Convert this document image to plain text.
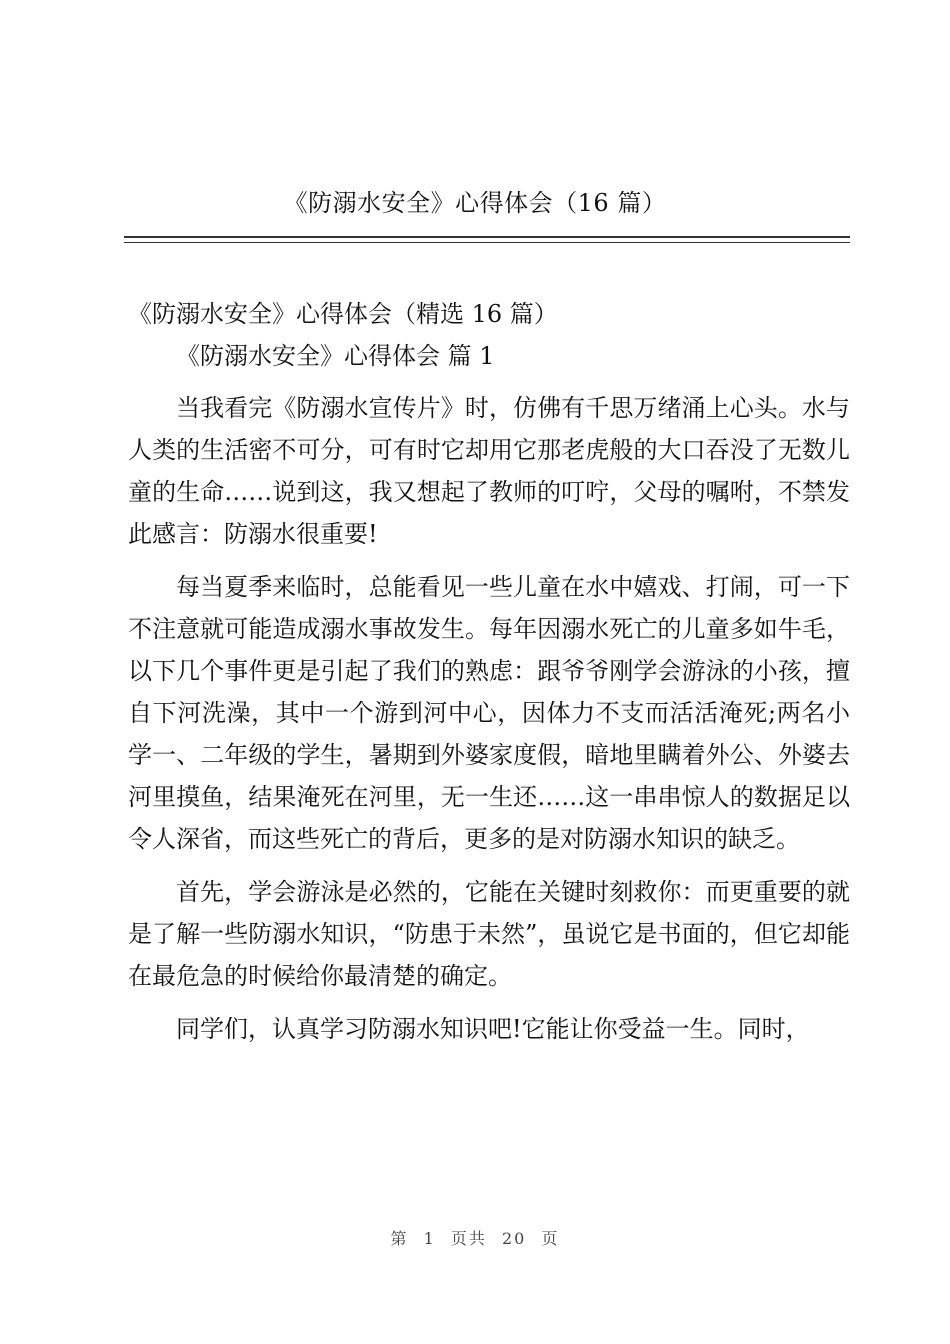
《防溺水安全》心得体会（16 篇）

《防溺水安全》心得体会（精选 16 篇）

《防溺水安全》心得体会 篇 1

当我看完《防溺水宣传片》时，仿佛有千思万绪涌上心头。水与人类的生活密不可分，可有时它却用它那老虎般的大口吞没了无数儿童的生命……说到这，我又想起了教师的叮咛，父母的嘱咐，不禁发此感言：防溺水很重要!

每当夏季来临时，总能看见一些儿童在水中嬉戏、打闹，可一下不注意就可能造成溺水事故发生。每年因溺水死亡的儿童多如牛毛，以下几个事件更是引起了我们的熟虑：跟爷爷刚学会游泳的小孩，擅自下河洗澡，其中一个游到河中心，因体力不支而活活淹死;两名小学一、二年级的学生，暑期到外婆家度假，暗地里瞒着外公、外婆去河里摸鱼，结果淹死在河里，无一生还……这一串串惊人的数据足以令人深省，而这些死亡的背后，更多的是对防溺水知识的缺乏。

首先，学会游泳是必然的，它能在关键时刻救你：而更重要的就是了解一些防溺水知识，“防患于未然”，虽说它是书面的，但它却能在最危急的时候给你最清楚的确定。

同学们，认真学习防溺水知识吧!它能让你受益一生。同时，

第 1 页共 20 页
